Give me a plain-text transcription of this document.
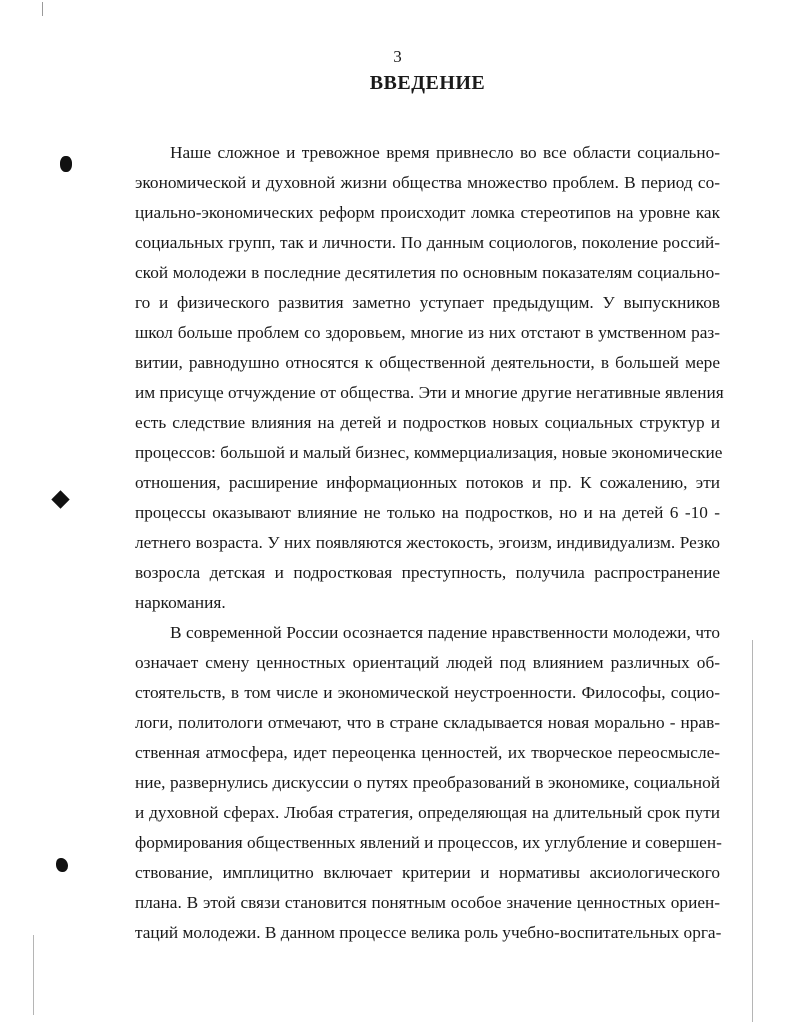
3
ВВЕДЕНИЕ
Наше сложное и тревожное время привнесло во все области социально-
экономической и духовной жизни общества множество проблем. В период со-
циально-экономических реформ происходит ломка стереотипов на уровне как
социальных групп, так и личности. По данным социологов, поколение россий-
ской молодежи в последние десятилетия по основным показателям социально-
го и физического развития заметно уступает предыдущим. У выпускников
школ больше проблем со здоровьем, многие из них отстают в умственном раз-
витии, равнодушно относятся к общественной деятельности, в большей мере
им присуще отчуждение от общества. Эти и многие другие негативные явления
есть следствие влияния на детей и подростков новых социальных структур и
процессов: большой и малый бизнес, коммерциализация, новые экономические
отношения, расширение информационных потоков и пр. К сожалению, эти
процессы оказывают влияние не только на подростков, но и на детей 6 -10 -
летнего возраста. У них появляются жестокость, эгоизм, индивидуализм. Резко
возросла детская и подростковая преступность, получила распространение
наркомания.
В современной России осознается падение нравственности молодежи, что
означает смену ценностных ориентаций людей под влиянием различных об-
стоятельств, в том числе и экономической неустроенности. Философы, социо-
логи, политологи отмечают, что в стране складывается новая морально - нрав-
ственная атмосфера, идет переоценка ценностей, их творческое переосмысле-
ние, развернулись дискуссии о путях преобразований в экономике, социальной
и духовной сферах. Любая стратегия, определяющая на длительный срок пути
формирования общественных явлений и процессов, их углубление и совершен-
ствование, имплицитно включает критерии и нормативы аксиологического
плана. В этой связи становится понятным особое значение ценностных ориен-
таций молодежи. В данном процессе велика роль учебно-воспитательных орга-
